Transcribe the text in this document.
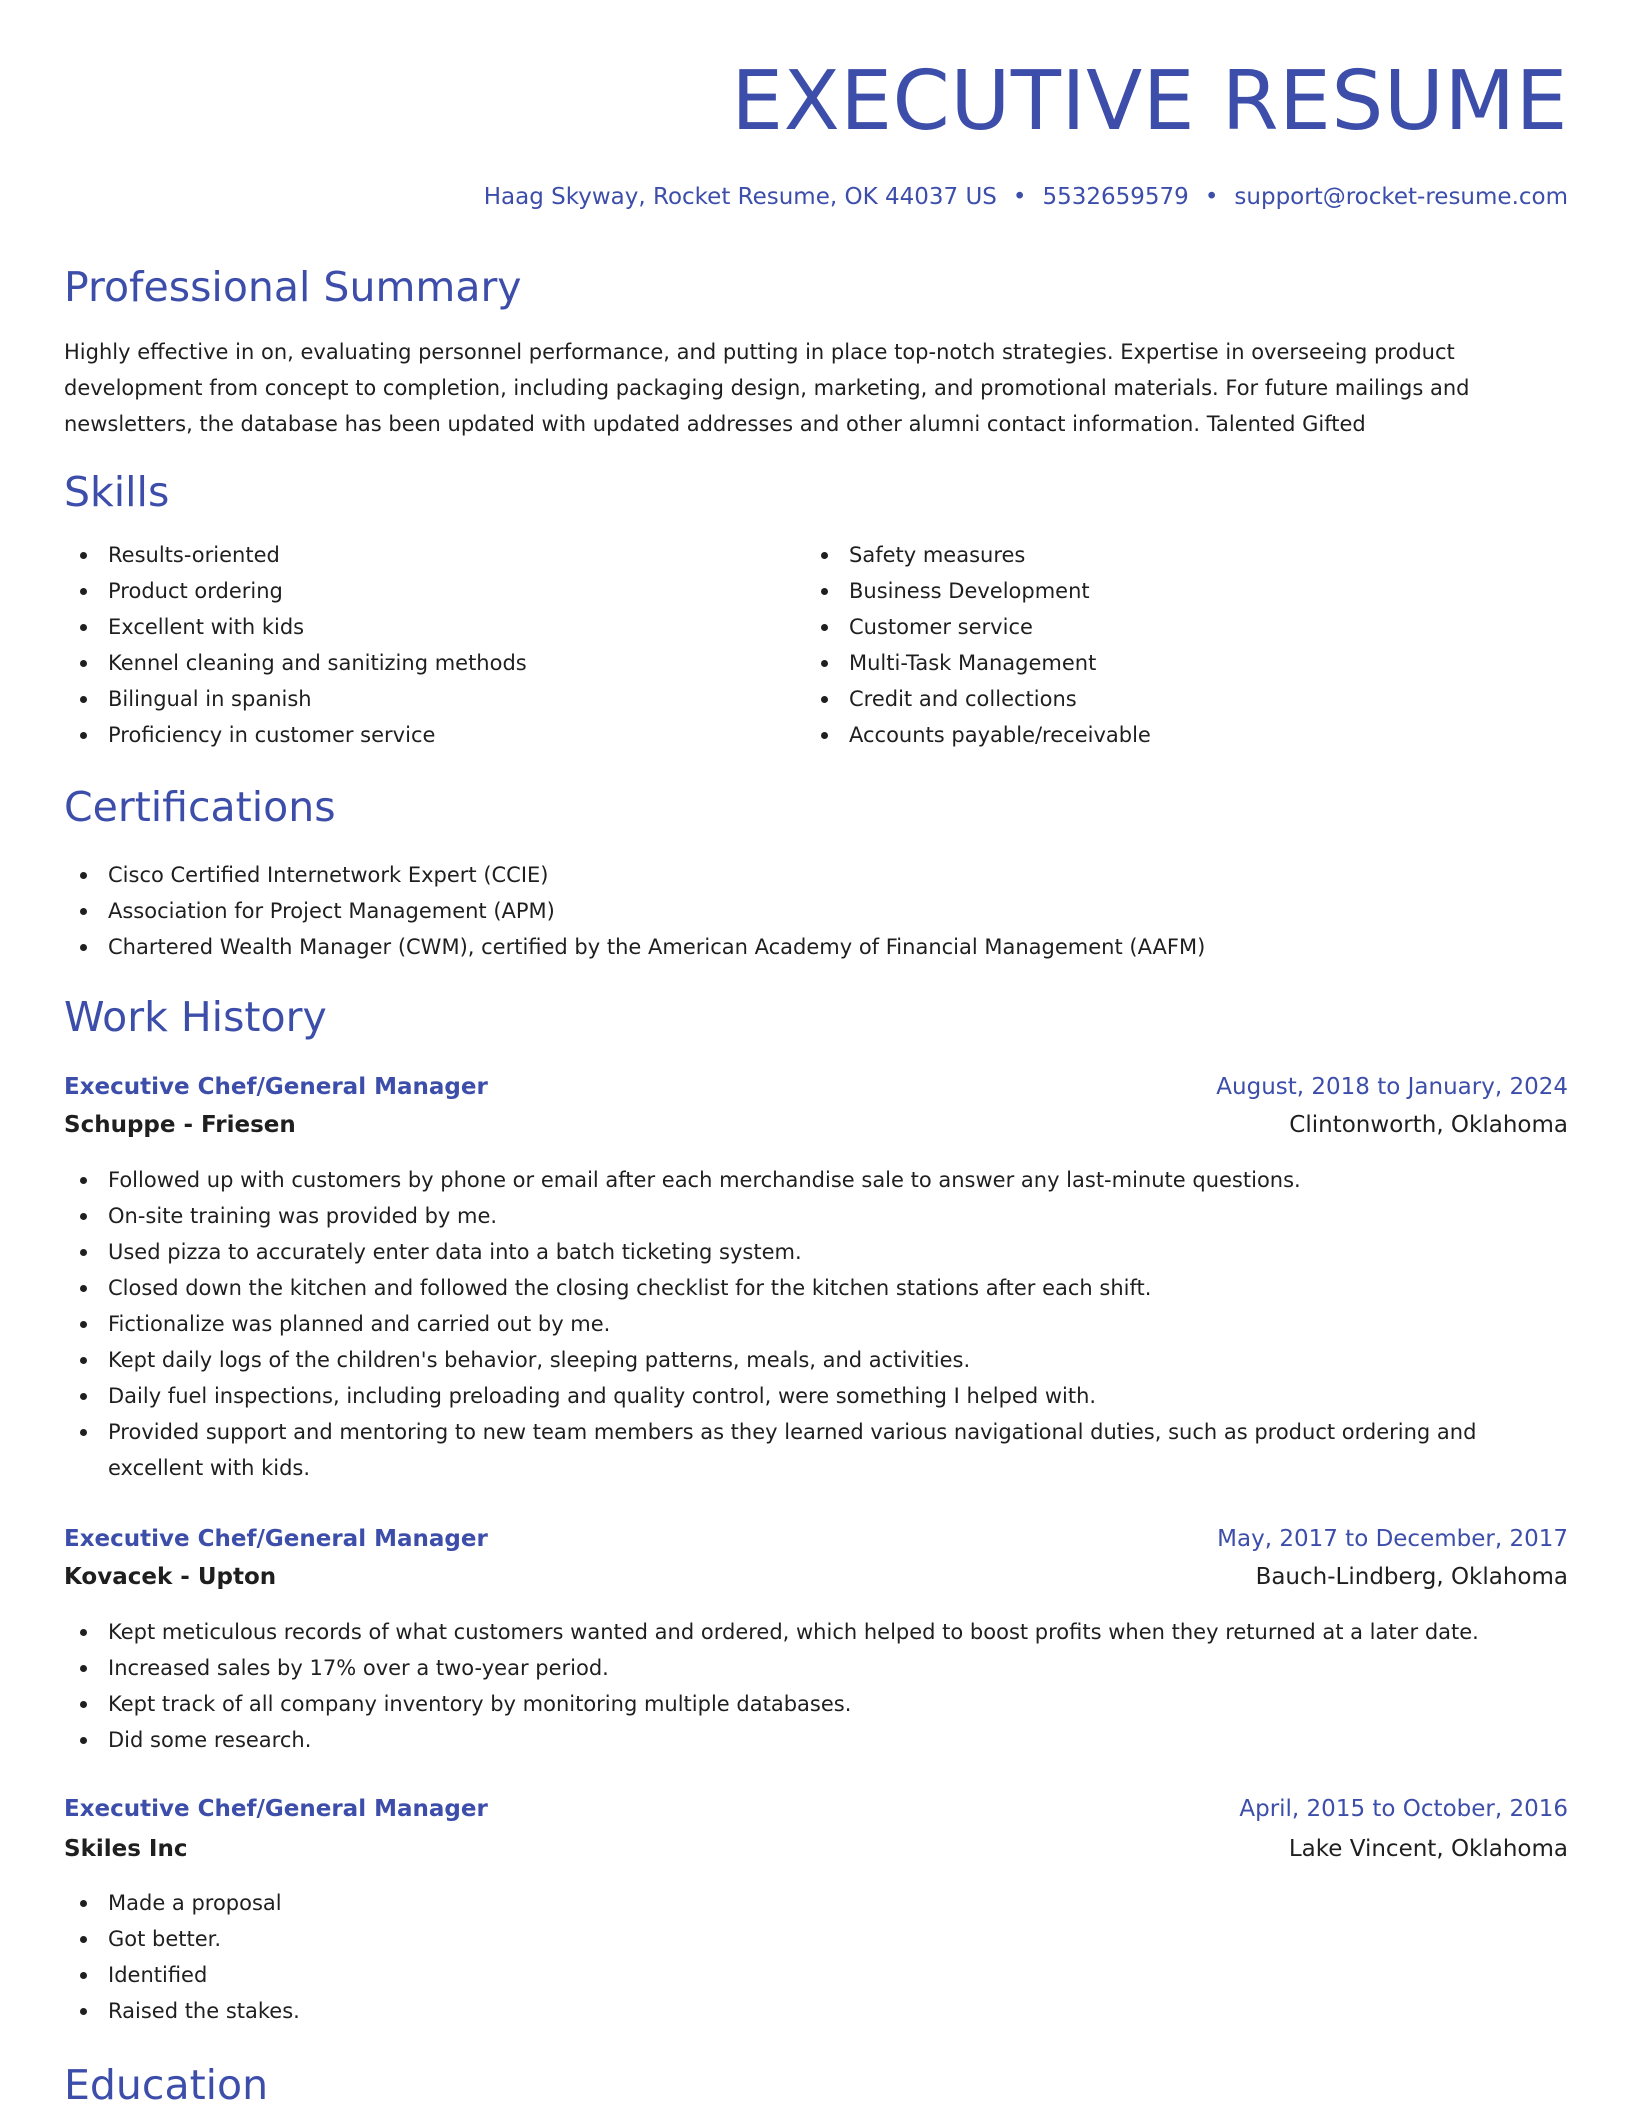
EXECUTIVE RESUME
Haag Skyway, Rocket Resume, OK 44037 US • 5532659579 • support@rocket-resume.com
Professional Summary

Highly effective in on, evaluating personnel performance, and putting in place top-notch strategies. Expertise in overseeing product development from concept to completion, including packaging design, marketing, and promotional materials. For future mailings and newsletters, the database has been updated with updated addresses and other alumni contact information. Talented Gifted

Skills
Results-oriented
Product ordering
Excellent with kids
Kennel cleaning and sanitizing methods
Bilingual in spanish
Proficiency in customer service
Safety measures
Business Development
Customer service
Multi-Task Management
Credit and collections
Accounts payable/receivable
Certifications
Cisco Certified Internetwork Expert (CCIE)
Association for Project Management (APM)
Chartered Wealth Manager (CWM), certified by the American Academy of Financial Management (AAFM)
Work History
Executive Chef/General Manager	August, 2018 to January, 2024
Schuppe - Friesen	Clintonworth, Oklahoma
Followed up with customers by phone or email after each merchandise sale to answer any last-minute questions.
On-site training was provided by me.
Used pizza to accurately enter data into a batch ticketing system.
Closed down the kitchen and followed the closing checklist for the kitchen stations after each shift.
Fictionalize was planned and carried out by me.
Kept daily logs of the children's behavior, sleeping patterns, meals, and activities.
Daily fuel inspections, including preloading and quality control, were something I helped with.
Provided support and mentoring to new team members as they learned various navigational duties, such as product ordering and excellent with kids.
Executive Chef/General Manager	May, 2017 to December, 2017
Kovacek - Upton	Bauch-Lindberg, Oklahoma
Kept meticulous records of what customers wanted and ordered, which helped to boost profits when they returned at a later date.
Increased sales by 17% over a two-year period.
Kept track of all company inventory by monitoring multiple databases.
Did some research.
Executive Chef/General Manager	April, 2015 to October, 2016
Skiles Inc	Lake Vincent, Oklahoma
Made a proposal
Got better.
Identified
Raised the stakes.
Education
